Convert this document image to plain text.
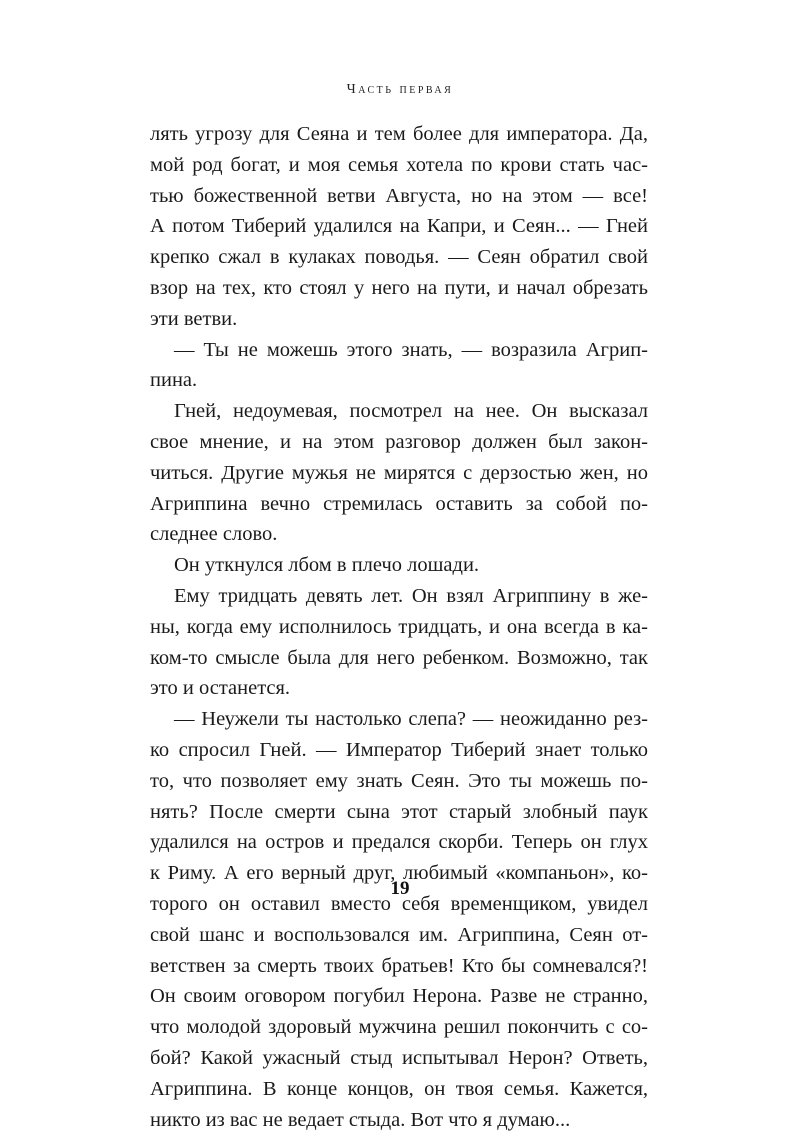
Часть первая
лять угрозу для Сеяна и тем более для императора. Да,
мой род богат, и моя семья хотела по крови стать час-
тью божественной ветви Августа, но на этом — все!
А потом Тиберий удалился на Капри, и Сеян... — Гней
крепко сжал в кулаках поводья. — Сеян обратил свой
взор на тех, кто стоял у него на пути, и начал обрезать
эти ветви.
— Ты не можешь этого знать, — возразила Агрип-
пина.
Гней, недоумевая, посмотрел на нее. Он высказал
свое мнение, и на этом разговор должен был закон-
читься. Другие мужья не мирятся с дерзостью жен, но
Агриппина вечно стремилась оставить за собой по-
следнее слово.
Он уткнулся лбом в плечо лошади.
Ему тридцать девять лет. Он взял Агриппину в же-
ны, когда ему исполнилось тридцать, и она всегда в ка-
ком-то смысле была для него ребенком. Возможно, так
это и останется.
— Неужели ты настолько слепа? — неожиданно рез-
ко спросил Гней. — Император Тиберий знает только
то, что позволяет ему знать Сеян. Это ты можешь по-
нять? После смерти сына этот старый злобный паук
удалился на остров и предался скорби. Теперь он глух
к Риму. А его верный друг, любимый «компаньон», ко-
торого он оставил вместо себя временщиком, увидел
свой шанс и воспользовался им. Агриппина, Сеян от-
ветствен за смерть твоих братьев! Кто бы сомневался?!
Он своим оговором погубил Нерона. Разве не странно,
что молодой здоровый мужчина решил покончить с со-
бой? Какой ужасный стыд испытывал Нерон? Ответь,
Агриппина. В конце концов, он твоя семья. Кажется,
никто из вас не ведает стыда. Вот что я думаю...
19
